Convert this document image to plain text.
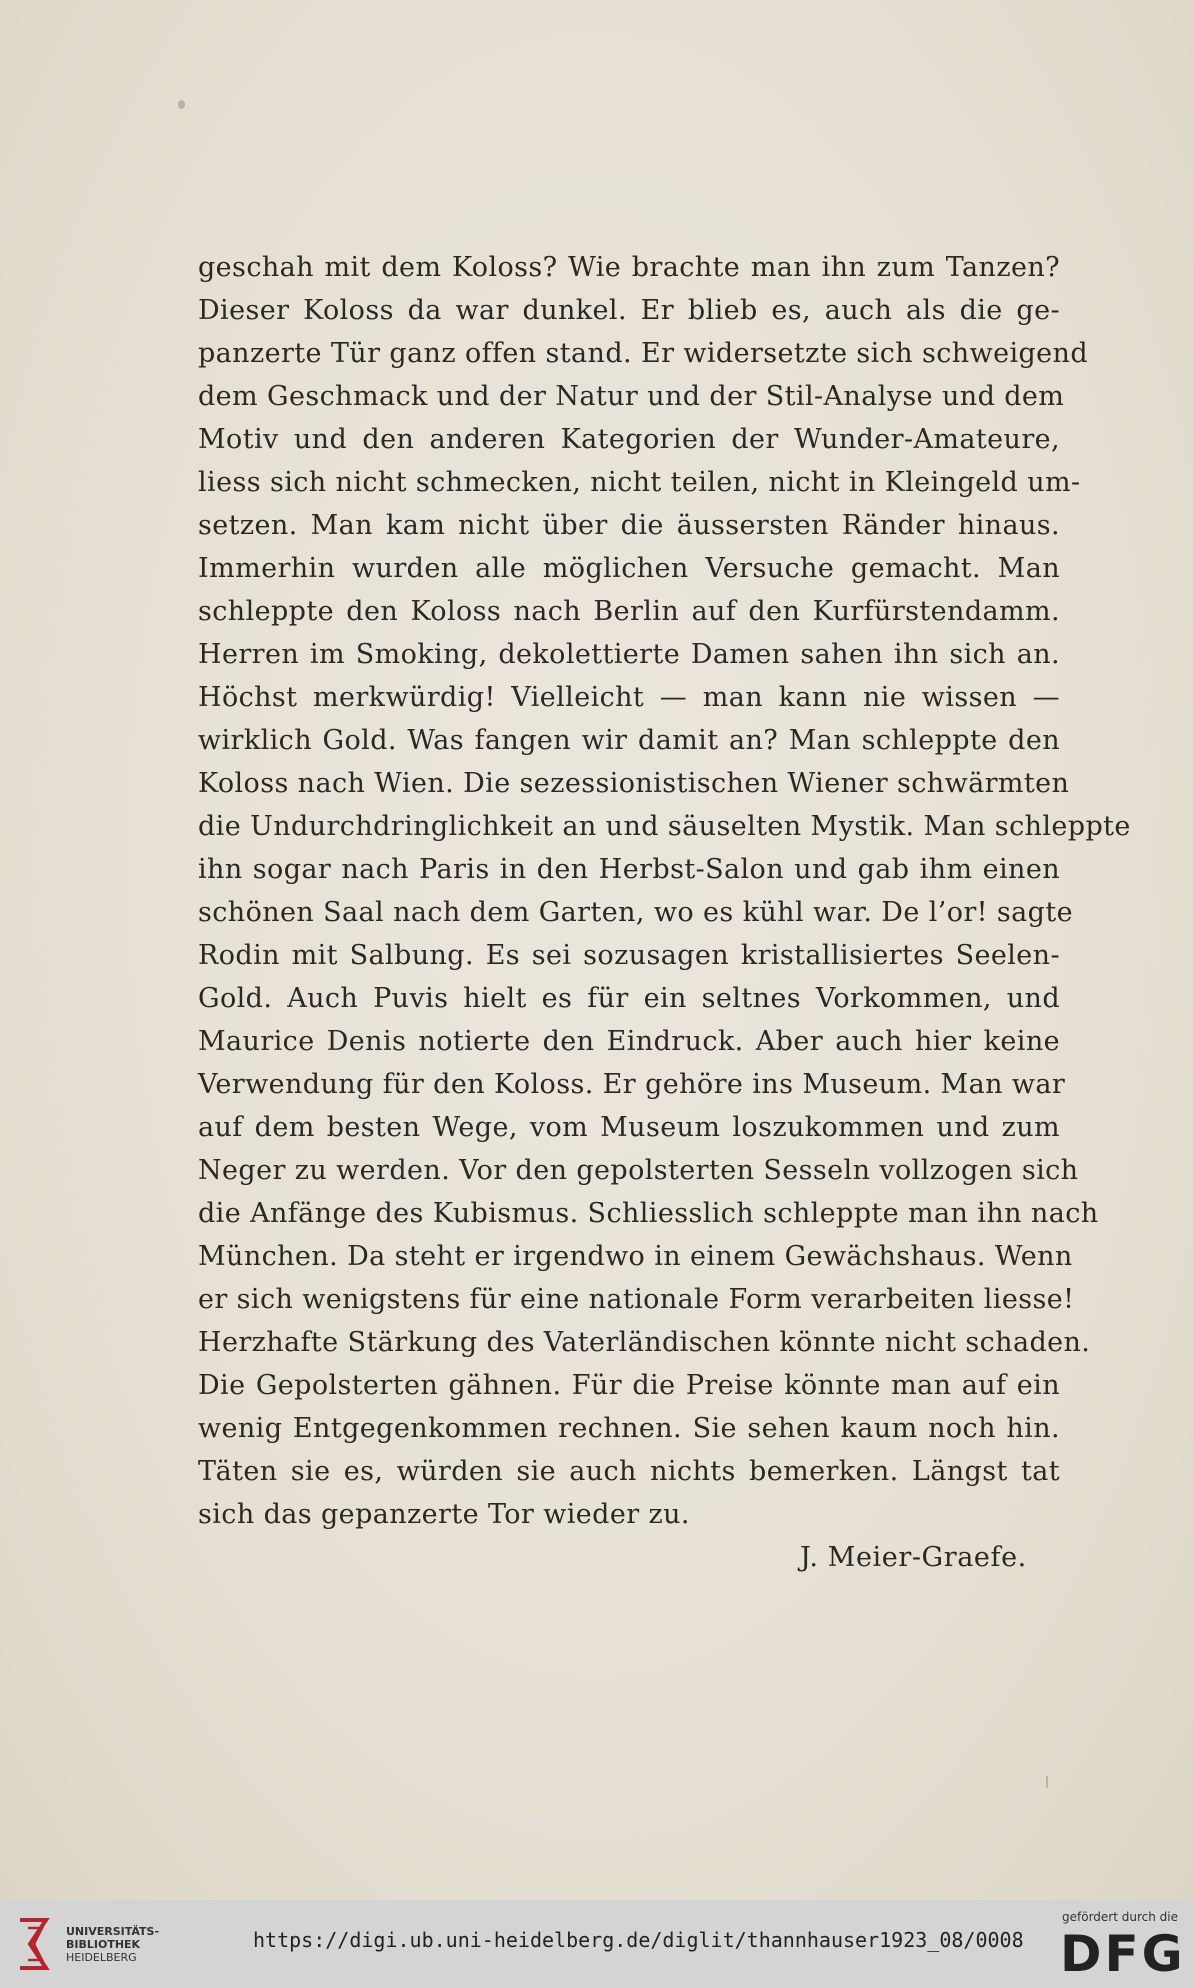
geschah mit dem Koloss? Wie brachte man ihn zum Tanzen?
Dieser Koloss da war dunkel. Er blieb es, auch als die ge-
panzerte Tür ganz offen stand. Er widersetzte sich schweigend
dem Geschmack und der Natur und der Stil-Analyse und dem
Motiv und den anderen Kategorien der Wunder-Amateure,
liess sich nicht schmecken, nicht teilen, nicht in Kleingeld um-
setzen. Man kam nicht über die äussersten Ränder hinaus.
Immerhin wurden alle möglichen Versuche gemacht. Man
schleppte den Koloss nach Berlin auf den Kurfürstendamm.
Herren im Smoking, dekolettierte Damen sahen ihn sich an.
Höchst merkwürdig! Vielleicht — man kann nie wissen —
wirklich Gold. Was fangen wir damit an? Man schleppte den
Koloss nach Wien. Die sezessionistischen Wiener schwärmten
die Undurchdringlichkeit an und säuselten Mystik. Man schleppte
ihn sogar nach Paris in den Herbst-Salon und gab ihm einen
schönen Saal nach dem Garten, wo es kühl war. De l’or! sagte
Rodin mit Salbung. Es sei sozusagen kristallisiertes Seelen-
Gold. Auch Puvis hielt es für ein seltnes Vorkommen, und
Maurice Denis notierte den Eindruck. Aber auch hier keine
Verwendung für den Koloss. Er gehöre ins Museum. Man war
auf dem besten Wege, vom Museum loszukommen und zum
Neger zu werden. Vor den gepolsterten Sesseln vollzogen sich
die Anfänge des Kubismus. Schliesslich schleppte man ihn nach
München. Da steht er irgendwo in einem Gewächshaus. Wenn
er sich wenigstens für eine nationale Form verarbeiten liesse!
Herzhafte Stärkung des Vaterländischen könnte nicht schaden.
Die Gepolsterten gähnen. Für die Preise könnte man auf ein
wenig Entgegenkommen rechnen. Sie sehen kaum noch hin.
Täten sie es, würden sie auch nichts bemerken. Längst tat
sich das gepanzerte Tor wieder zu.
J. Meier-Graefe.
UNIVERSITÄTS-
BIBLIOTHEK
HEIDELBERG
https://digi.ub.uni-heidelberg.de/diglit/thannhauser1923_08/0008
gefördert durch die
DFG
